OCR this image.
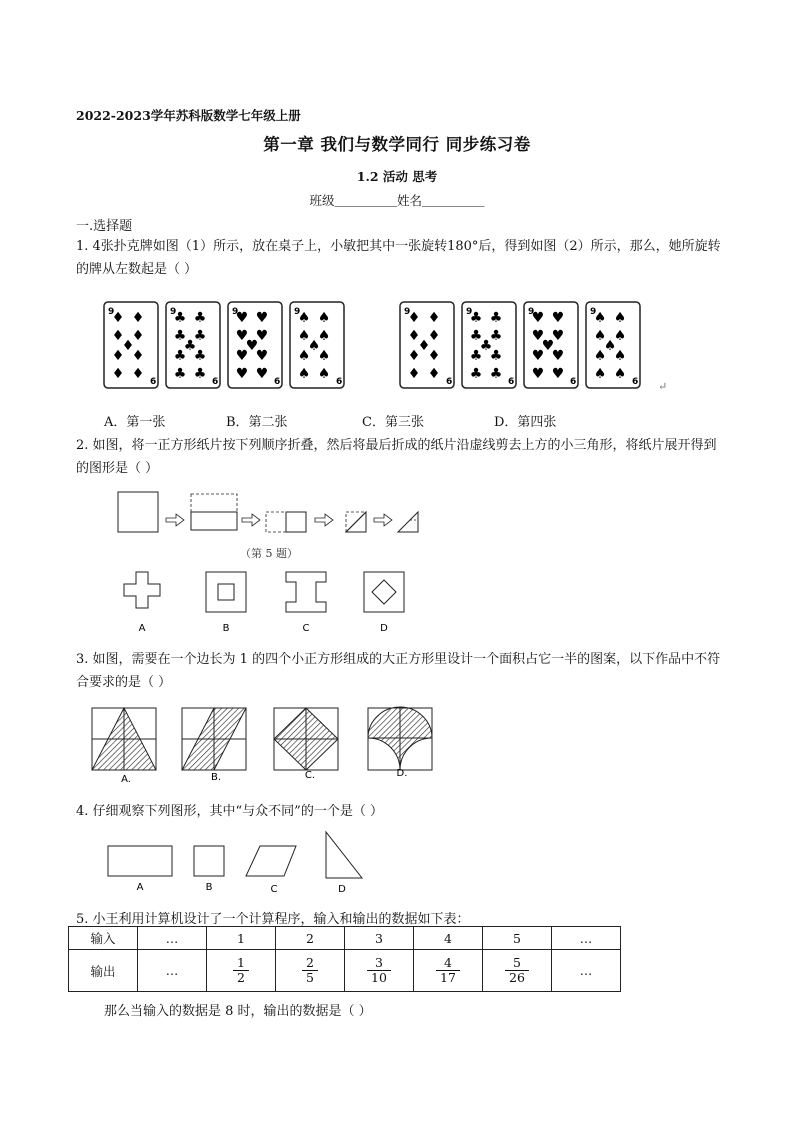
2022-2023学年苏科版数学七年级上册
第一章 我们与数学同行 同步练习卷
1.2 活动 思考
班级＿＿＿＿＿姓名＿＿＿＿＿
一.选择题
1. 4张扑克牌如图（1）所示，放在桌子上，小敏把其中一张旋转180°后，得到如图（2）所示，那么，她所旋转的牌从左数起是（ ）
9
6
♦ ♦
♦ ♦
♦
♦ ♦
♦ ♦
9
6
♣ ♣
♣ ♣
♣
♣ ♣
♣ ♣
9
6
♥ ♥
♥ ♥
♥
♥ ♥
♥ ♥
9
6
♠ ♠
♠ ♠
♠
♠ ♠
♠ ♠
9
6
♦ ♦
♦ ♦
♦
♦ ♦
♦ ♦
9
6
♣ ♣
♣ ♣
♣
♣ ♣
♣ ♣
9
6
♥ ♥
♥ ♥
♥
♥ ♥
♥ ♥
9
6
♠ ♠
♠ ♠
♠
♠ ♠
♠ ♠
↵
A．第一张	B．第二张	C．第三张	D．第四张
2. 如图，将一正方形纸片按下列顺序折叠，然后将最后折成的纸片沿虚线剪去上方的小三角形，将纸片展开得到的图形是（ ）
（第 5 题）
A	B	C	D
3. 如图，需要在一个边长为 1 的四个小正方形组成的大正方形里设计一个面积占它一半的图案，以下作品中不符合要求的是（ ）
A.	B.	C.	D.
4. 仔细观察下列图形，其中“与众不同”的一个是（ ）
A	B	C	D
5. 小王利用计算机设计了一个计算程序，输入和输出的数据如下表：
输入	…	1	2	3	4	5	…
输出	…	$\frac{1}{2}$	$\frac{2}{5}$	$\frac{3}{10}$	$\frac{4}{17}$	$\frac{5}{26}$	…
那么当输入的数据是 8 时，输出的数据是（ ）
